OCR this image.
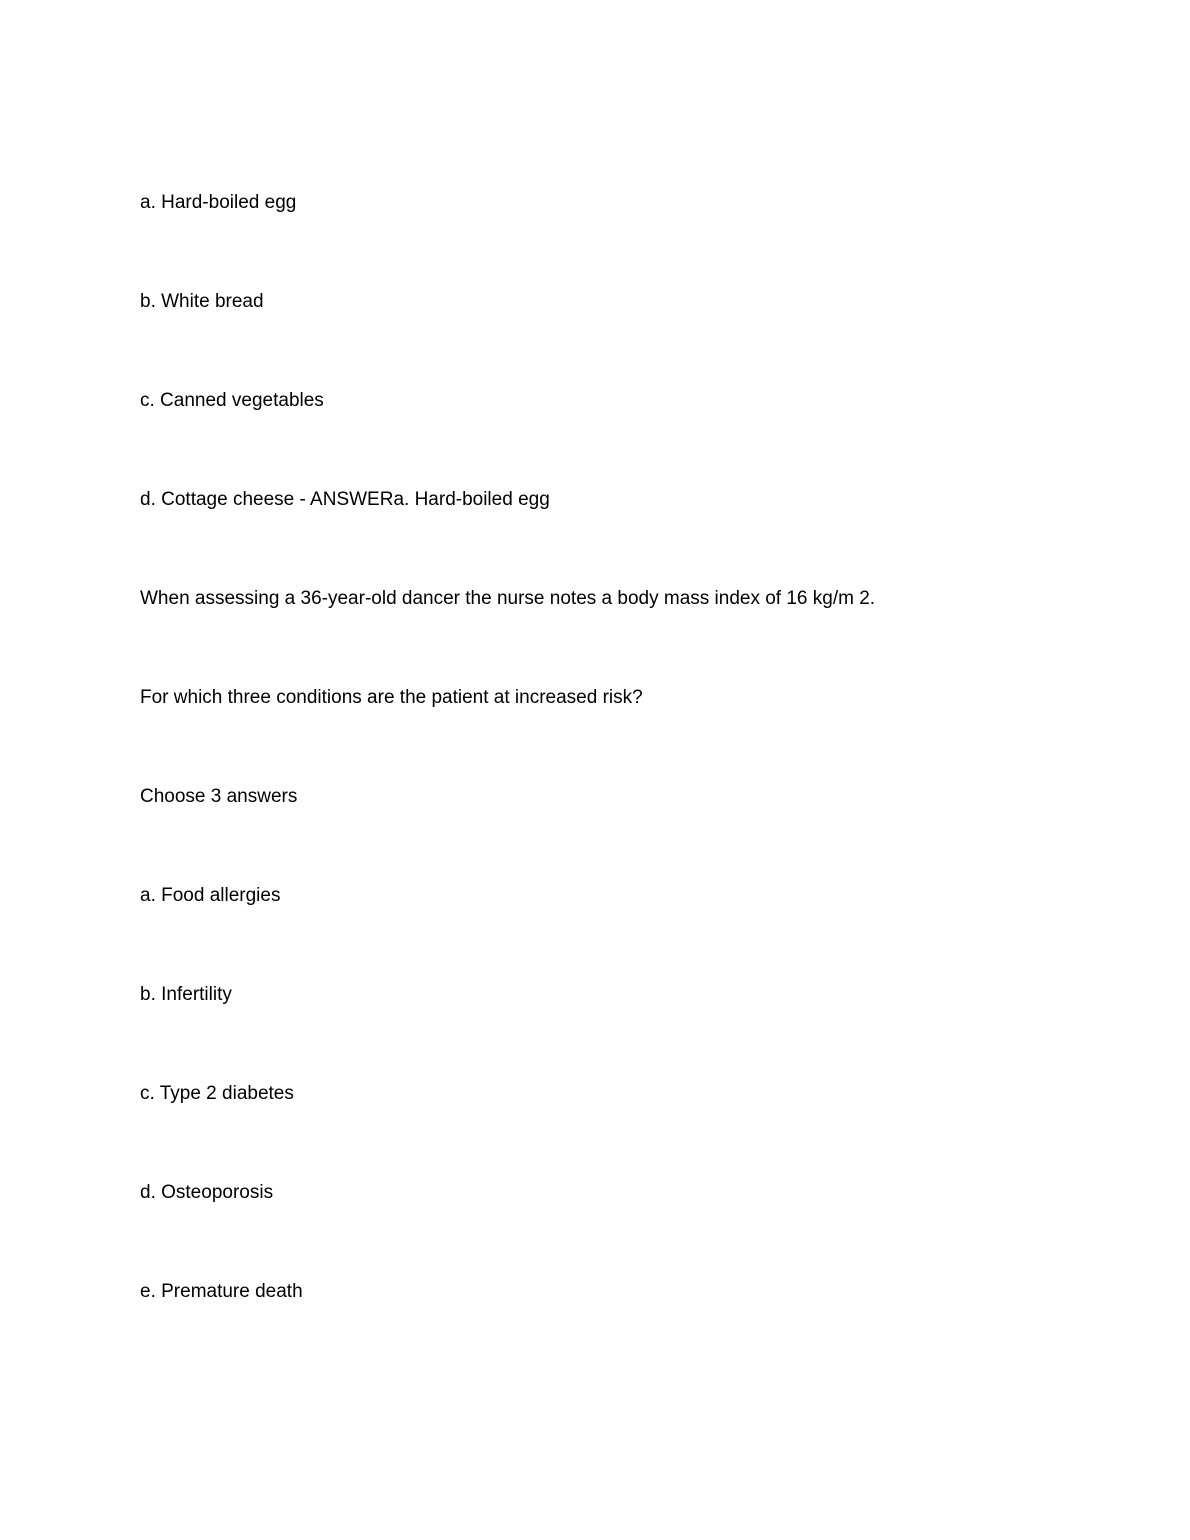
a. Hard-boiled egg
b. White bread
c. Canned vegetables
d. Cottage cheese - ANSWERa. Hard-boiled egg
When assessing a 36-year-old dancer the nurse notes a body mass index of 16 kg/m 2.
For which three conditions are the patient at increased risk?
Choose 3 answers
a. Food allergies
b. Infertility
c. Type 2 diabetes
d. Osteoporosis
e. Premature death
